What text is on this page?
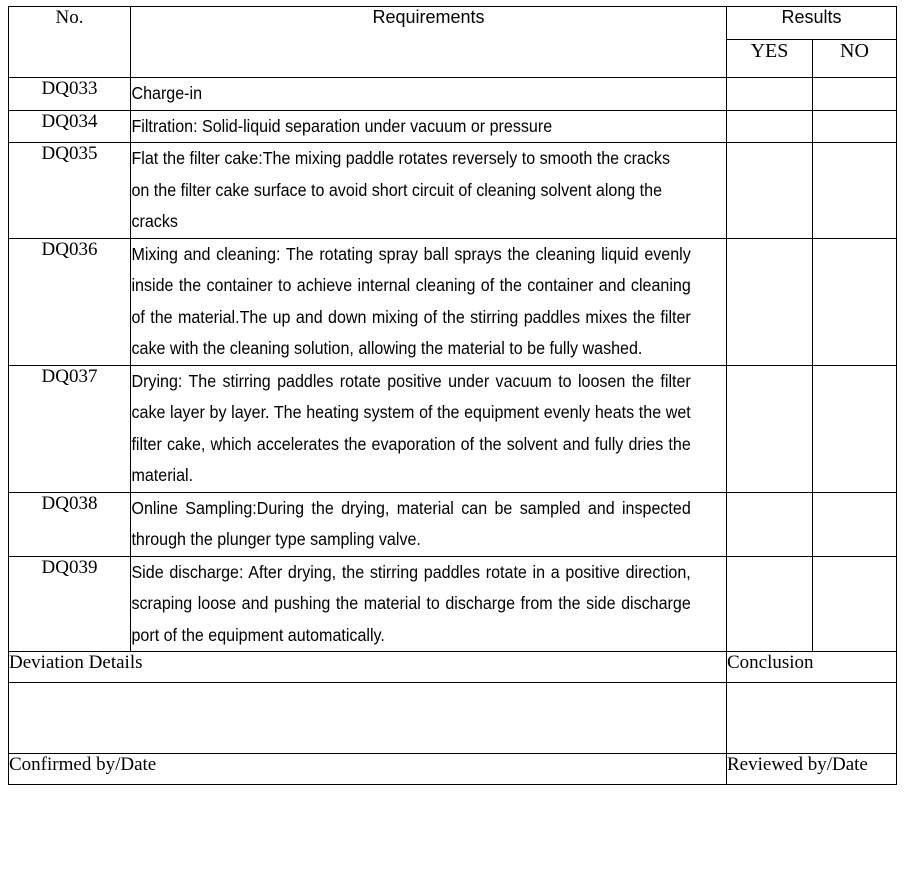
No.	Requirements	Results	
		YES	NO
DQ033	Charge-in		
DQ034	Filtration: Solid-liquid separation under vacuum or pressure		
DQ035	Flat the filter cake:The mixing paddle rotates reversely to smooth the cracks on the filter cake surface to avoid short circuit of cleaning solvent along the cracks		
DQ036	Mixing and cleaning: The rotating spray ball sprays the cleaning liquid evenly inside the container to achieve internal cleaning of the container and cleaning of the material.The up and down mixing of the stirring paddles mixes the filter cake with the cleaning solution, allowing the material to be fully washed.		
DQ037	Drying: The stirring paddles rotate positive under vacuum to loosen the filter cake layer by layer. The heating system of the equipment evenly heats the wet filter cake, which accelerates the evaporation of the solvent and fully dries the material.		
DQ038	Online Sampling:During the drying, material can be sampled and inspected through the plunger type sampling valve.		
DQ039	Side discharge: After drying, the stirring paddles rotate in a positive direction, scraping loose and pushing the material to discharge from the side discharge port of the equipment automatically.		
Deviation Details		Conclusion	

Confirmed by/Date		Reviewed by/Date	
